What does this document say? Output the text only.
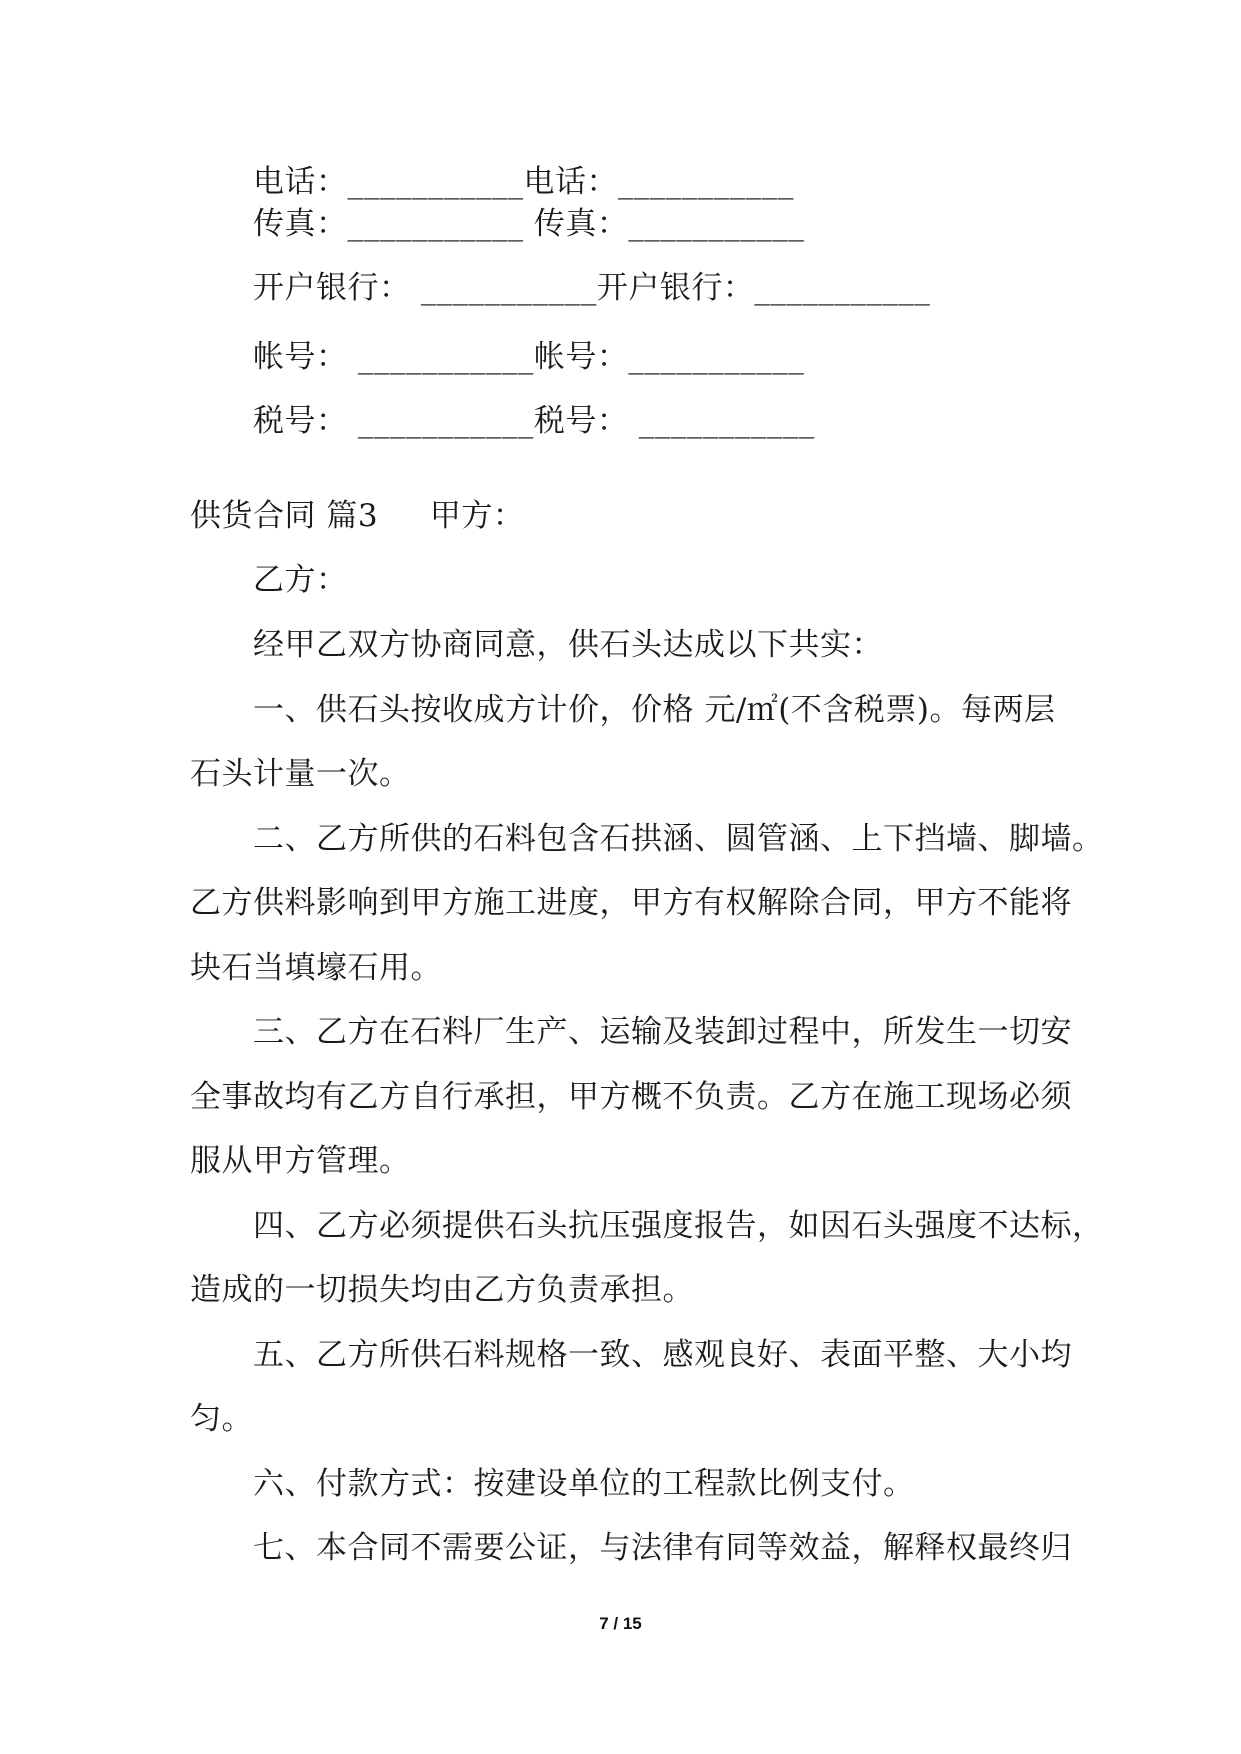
电话：___________电话：___________
传真：___________ 传真：___________
开户银行： ___________开户银行：___________
帐号： ___________帐号：___________
税号： ___________税号： ___________
供货合同 篇3     甲方：
乙方：
经甲乙双方协商同意，供石头达成以下共实：
一、供石头按收成方计价，价格 元/㎡(不含税票)。每两层
石头计量一次。
二、乙方所供的石料包含石拱涵、圆管涵、上下挡墙、脚墙。
乙方供料影响到甲方施工进度，甲方有权解除合同，甲方不能将
块石当填壕石用。
三、乙方在石料厂生产、运输及装卸过程中，所发生一切安
全事故均有乙方自行承担，甲方概不负责。乙方在施工现场必须
服从甲方管理。
四、乙方必须提供石头抗压强度报告，如因石头强度不达标，
造成的一切损失均由乙方负责承担。
五、乙方所供石料规格一致、感观良好、表面平整、大小均
匀。
六、付款方式：按建设单位的工程款比例支付。
七、本合同不需要公证，与法律有同等效益，解释权最终归
7 / 15
